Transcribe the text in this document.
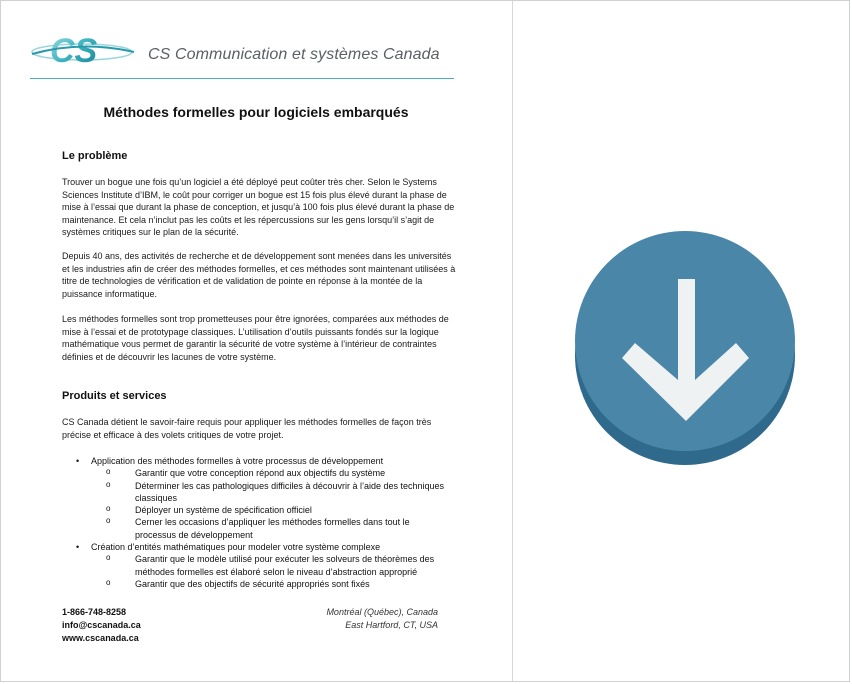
CS	CS Communication et systèmes Canada
Méthodes formelles pour logiciels embarqués
Le problème
Trouver un bogue une fois qu’un logiciel a été déployé peut coûter très cher. Selon le Systems Sciences Institute d’IBM, le coût pour corriger un bogue est 15 fois plus élevé durant la phase de mise à l’essai que durant la phase de conception, et jusqu’à 100 fois plus élevé durant la phase de maintenance. Et cela n’inclut pas les coûts et les répercussions sur les gens lorsqu’il s’agit de systèmes critiques sur le plan de la sécurité.
Depuis 40 ans, des activités de recherche et de développement sont menées dans les universités et les industries afin de créer des méthodes formelles, et ces méthodes sont maintenant utilisées à titre de technologies de vérification et de validation de pointe en réponse à la montée de la puissance informatique.
Les méthodes formelles sont trop prometteuses pour être ignorées, comparées aux méthodes de mise à l’essai et de prototypage classiques. L’utilisation d’outils puissants fondés sur la logique mathématique vous permet de garantir la sécurité de votre système à l’intérieur de contraintes définies et de découvrir les lacunes de votre système.
Produits et services
CS Canada détient le savoir-faire requis pour appliquer les méthodes formelles de façon très précise et efficace à des volets critiques de votre projet.
• Application des méthodes formelles à votre processus de développement
o Garantir que votre conception répond aux objectifs du système
o Déterminer les cas pathologiques difficiles à découvrir à l’aide des techniques classiques
o Déployer un système de spécification officiel
o Cerner les occasions d’appliquer les méthodes formelles dans tout le processus de développement
• Création d’entités mathématiques pour modeler votre système complexe
o Garantir que le modèle utilisé pour exécuter les solveurs de théorèmes des méthodes formelles est élaboré selon le niveau d’abstraction approprié
o Garantir que des objectifs de sécurité appropriés sont fixés
1-866-748-8258
info@cscanada.ca
www.cscanada.ca
Montréal (Québec), Canada
East Hartford, CT, USA
